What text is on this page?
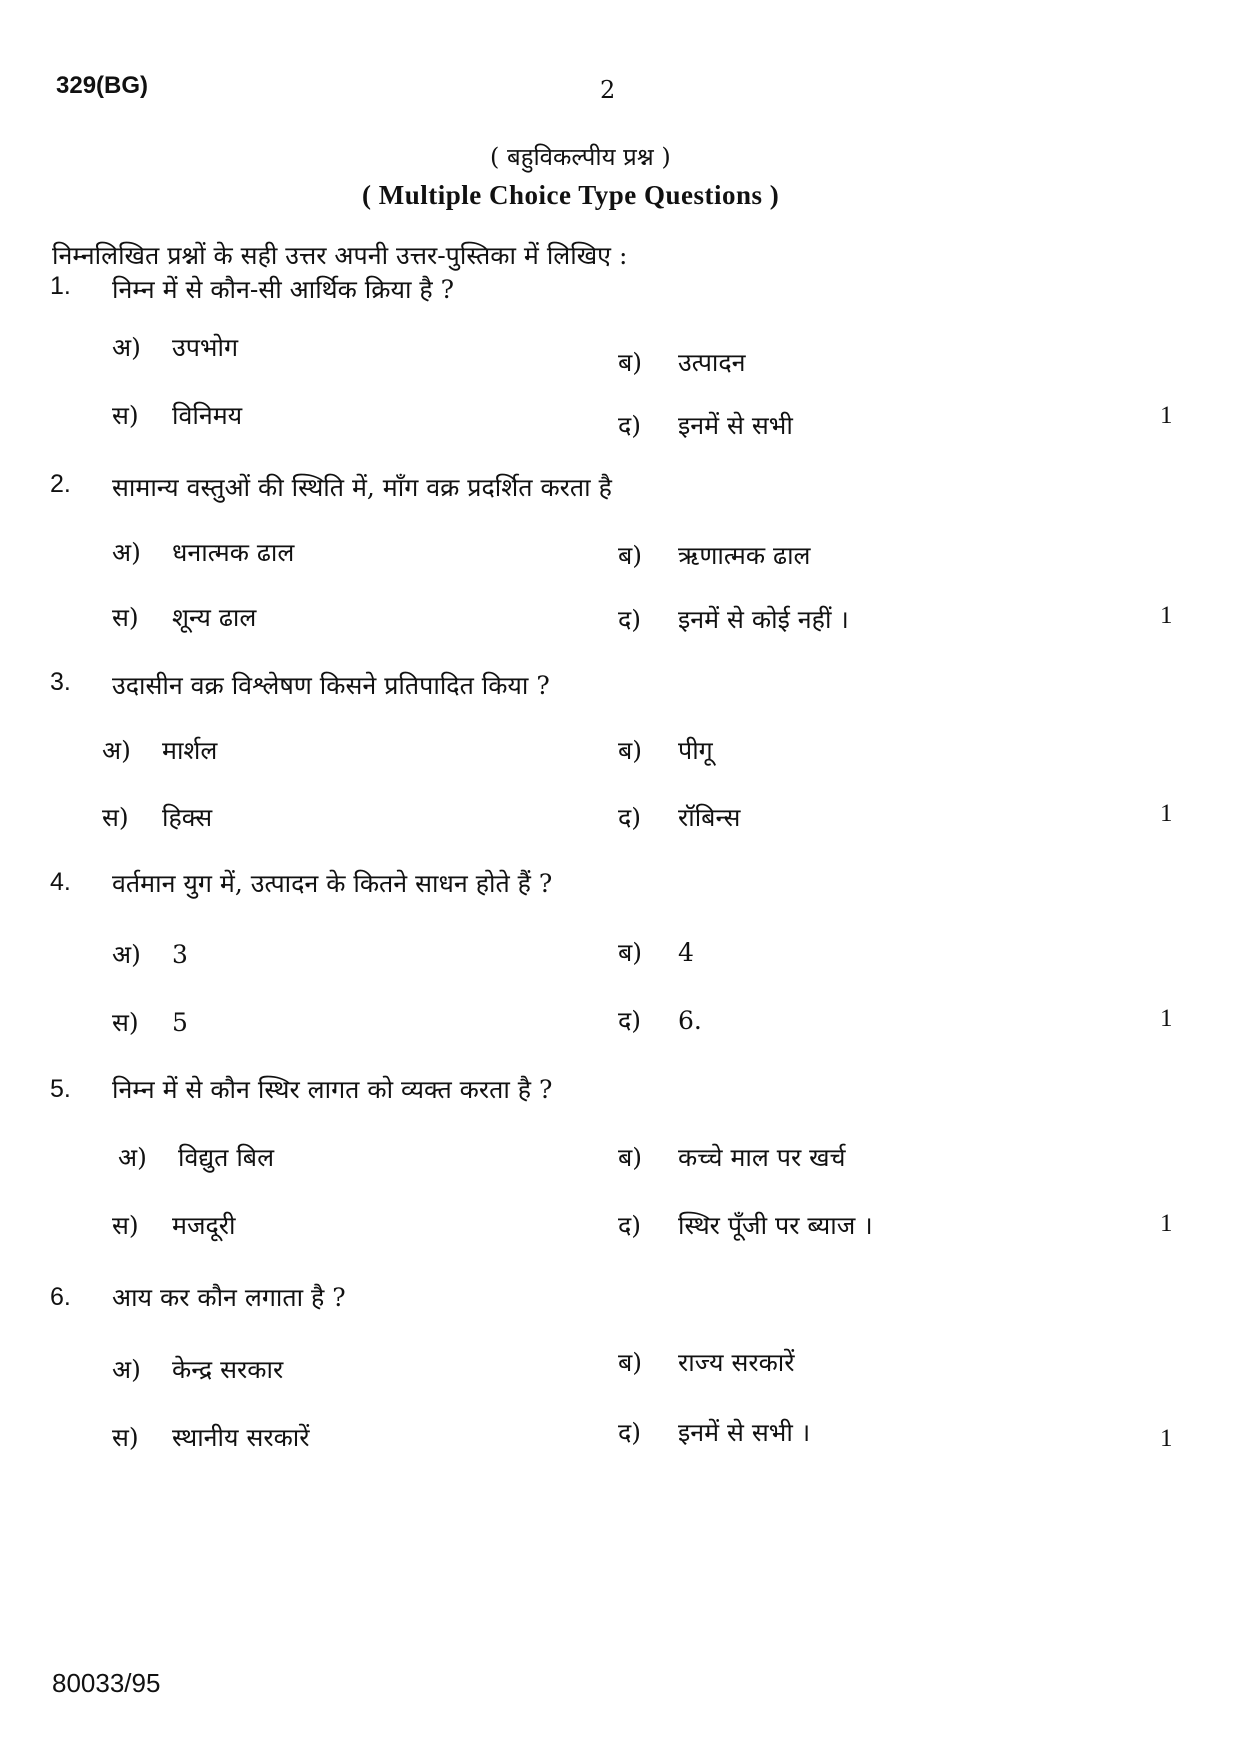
329(BG)	2
( बहुविकल्पीय प्रश्न )
( Multiple Choice Type Questions )
निम्नलिखित प्रश्नों के सही उत्तर अपनी उत्तर-पुस्तिका में लिखिए :
1. निम्न में से कौन-सी आर्थिक क्रिया है ?
अ) उपभोग
ब) उत्पादन
स) विनिमय	द) इनमें से सभी	1
2. सामान्य वस्तुओं की स्थिति में, माँग वक्र प्रदर्शित करता है
अ) धनात्मक ढाल	ब) ऋणात्मक ढाल
स) शून्य ढाल	द) इनमें से कोई नहीं ।	1
3. उदासीन वक्र विश्लेषण किसने प्रतिपादित किया ?
अ) मार्शल	ब) पीगू
स) हिक्स	द) रॉबिन्स	1
4. वर्तमान युग में, उत्पादन के कितने साधन होते हैं ?
अ) 3	ब) 4
स) 5	द) 6.	1
5. निम्न में से कौन स्थिर लागत को व्यक्त करता है ?
अ) विद्युत बिल	ब) कच्चे माल पर खर्च
स) मजदूरी	द) स्थिर पूँजी पर ब्याज ।	1
6. आय कर कौन लगाता है ?
अ) केन्द्र सरकार	ब) राज्य सरकारें
स) स्थानीय सरकारें	द) इनमें से सभी ।	1
80033/95
